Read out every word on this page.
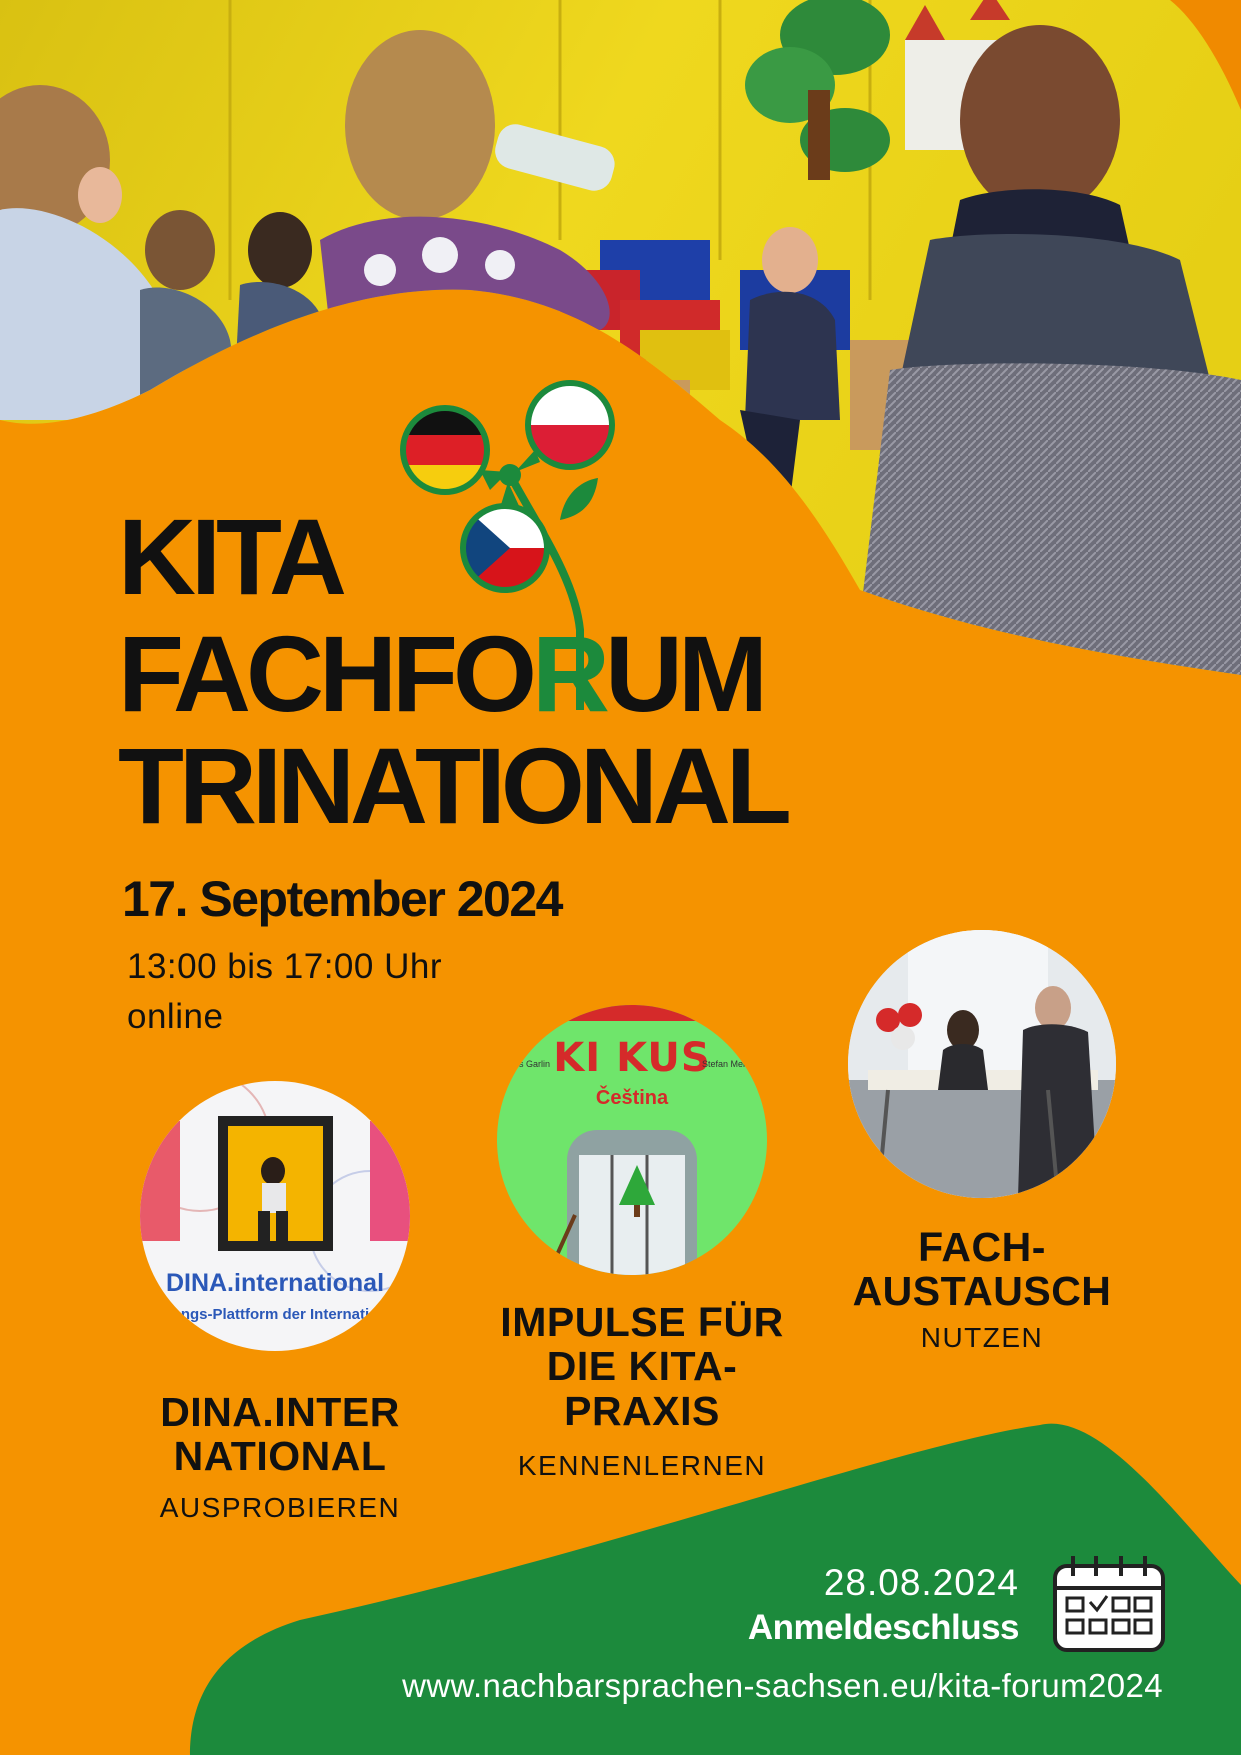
KITA
FACHFORUM
TRINATIONAL
17. September 2024
13:00 bis 17:00 Uhr
online
DINA.international
ngs-Plattform der Internati
KI KUS
Čeština
gardis Garlin	Stefan Mei
DINA.INTER
NATIONAL
AUSPROBIEREN
IMPULSE FÜR
DIE KITA-
PRAXIS
KENNENLERNEN
FACH-
AUSTAUSCH
NUTZEN
28.08.2024
Anmeldeschluss
www.nachbarsprachen-sachsen.eu/kita-forum2024
